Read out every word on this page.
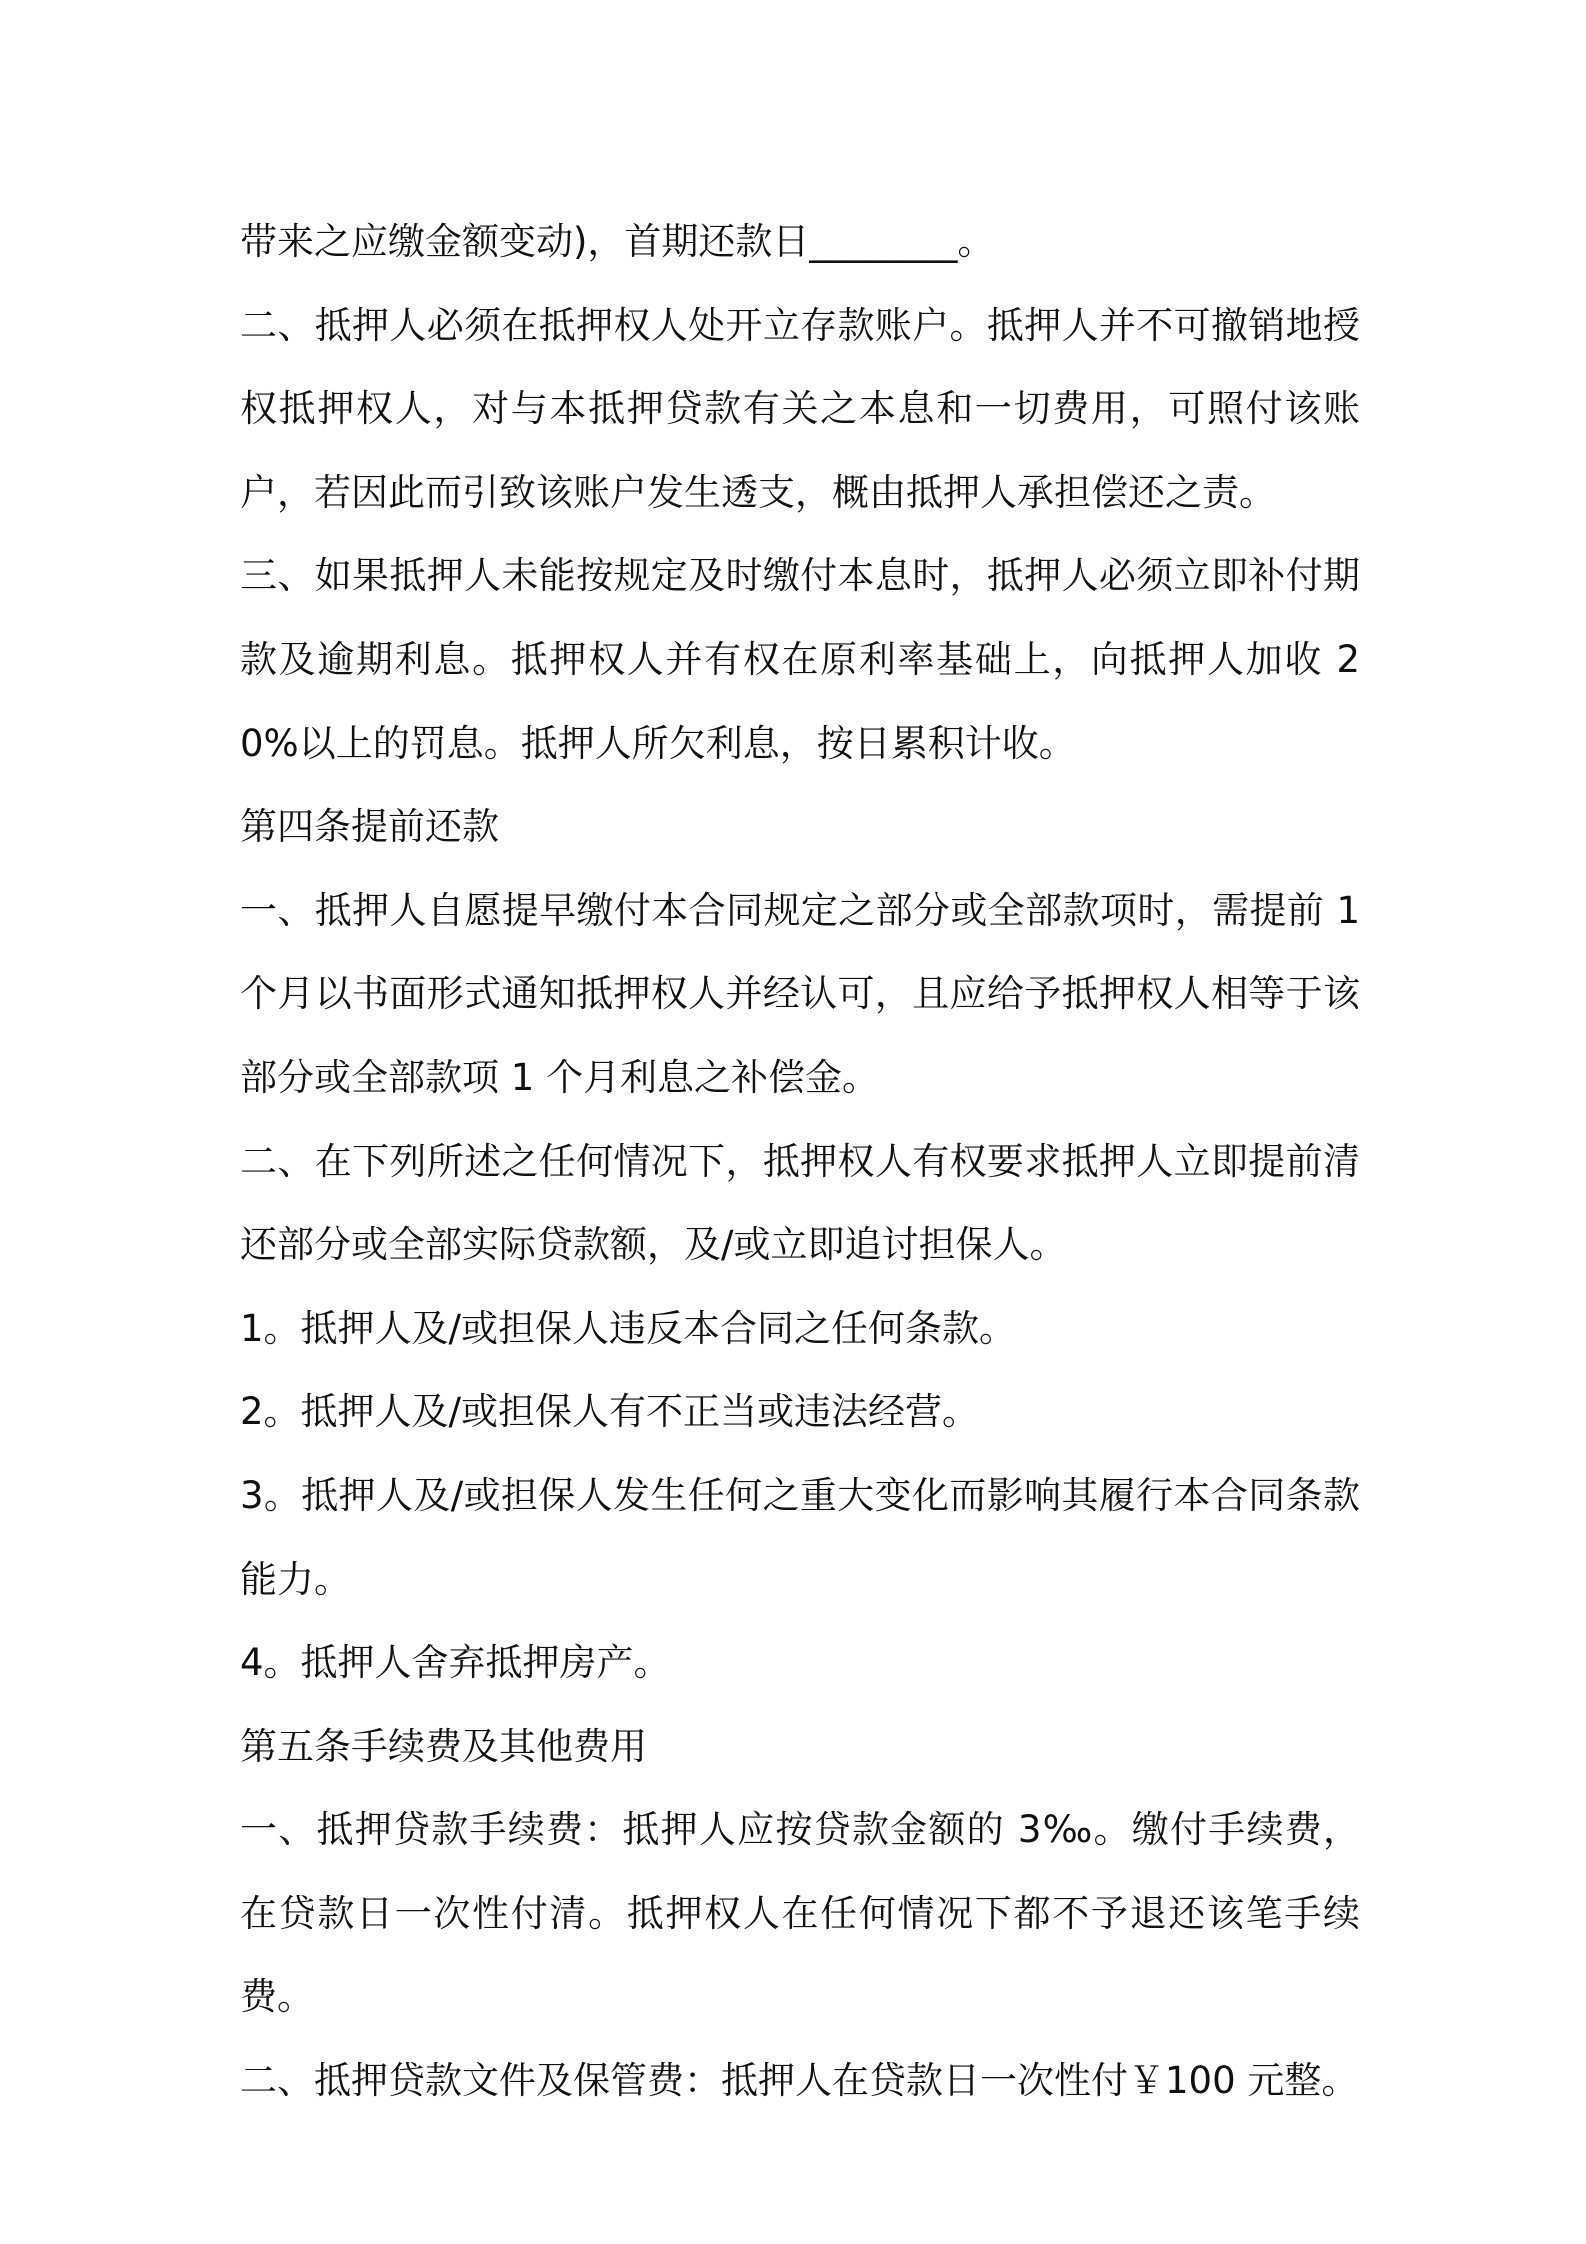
带来之应缴金额变动)，首期还款日________。

二、抵押人必须在抵押权人处开立存款账户。抵押人并不可撤销地授权抵押权人，对与本抵押贷款有关之本息和一切费用，可照付该账户，若因此而引致该账户发生透支，概由抵押人承担偿还之责。

三、如果抵押人未能按规定及时缴付本息时，抵押人必须立即补付期款及逾期利息。抵押权人并有权在原利率基础上，向抵押人加收 20%以上的罚息。抵押人所欠利息，按日累积计收。

第四条提前还款

一、抵押人自愿提早缴付本合同规定之部分或全部款项时，需提前 1 个月以书面形式通知抵押权人并经认可，且应给予抵押权人相等于该部分或全部款项 1 个月利息之补偿金。

二、在下列所述之任何情况下，抵押权人有权要求抵押人立即提前清还部分或全部实际贷款额，及/或立即追讨担保人。

1。抵押人及/或担保人违反本合同之任何条款。

2。抵押人及/或担保人有不正当或违法经营。

3。抵押人及/或担保人发生任何之重大变化而影响其履行本合同条款能力。

4。抵押人舍弃抵押房产。

第五条手续费及其他费用

一、抵押贷款手续费：抵押人应按贷款金额的 3‰。缴付手续费，在贷款日一次性付清。抵押权人在任何情况下都不予退还该笔手续费。

二、抵押贷款文件及保管费：抵押人在贷款日一次性付￥100 元整。
